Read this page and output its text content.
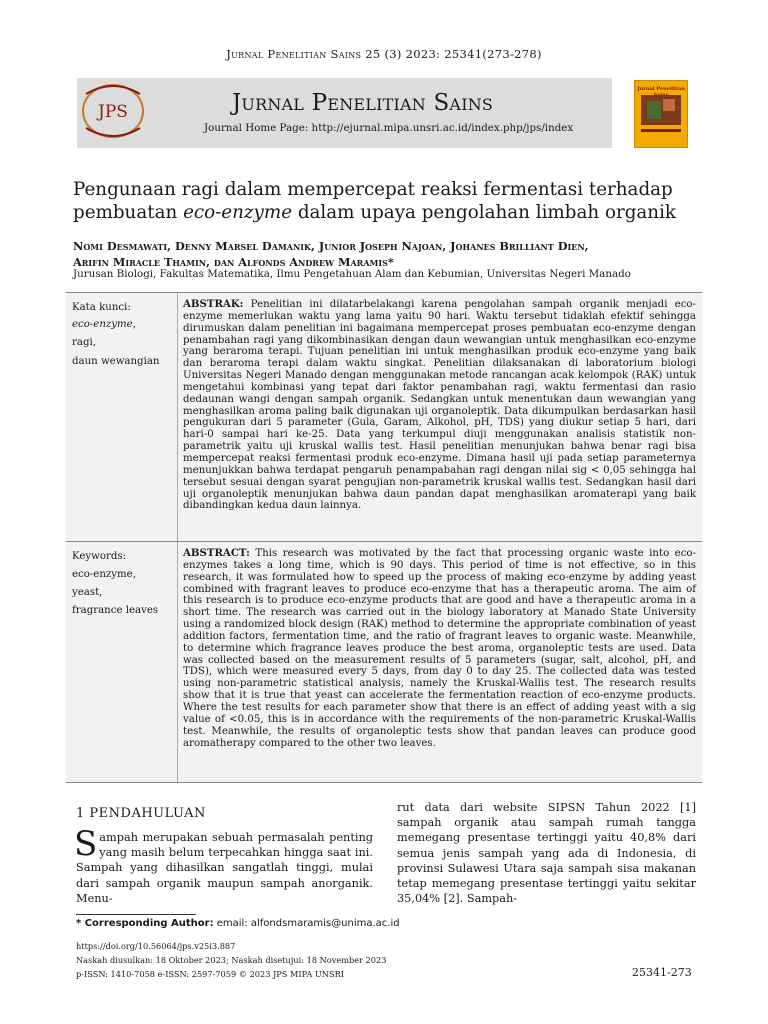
Jurnal Penelitian Sains 25 (3) 2023: 25341(273-278)
JPS	Jurnal Penelitian Sains
Journal Home Page: http://ejurnal.mipa.unsri.ac.id/index.php/jps/index
Jurnal Penelitian
Pengunaan ragi dalam mempercepat reaksi fermentasi terhadap
pembuatan eco-enzyme dalam upaya pengolahan limbah organik
Nomi Desmawati, Denny Marsel Damanik, Junior Joseph Najoan, Johanes Brilliant Dien,
Arifin Miracle Thamin, dan Alfonds Andrew Maramis*
Jurusan Biologi, Fakultas Matematika, Ilmu Pengetahuan Alam dan Kebumian, Universitas Negeri Manado
Kata kunci:
eco-enzyme,
ragi,
daun wewangian
ABSTRAK: Penelitian ini dilatarbelakangi karena pengolahan sampah organik menjadi eco-enzyme memerlukan waktu yang lama yaitu 90 hari. Waktu tersebut tidaklah efektif sehingga dirumuskan dalam penelitian ini bagaimana mempercepat proses pembuatan eco-enzyme dengan penambahan ragi yang dikombinasikan dengan daun wewangian untuk menghasilkan eco-enzyme yang beraroma terapi. Tujuan penelitian ini untuk menghasilkan produk eco-enzyme yang baik dan beraroma terapi dalam waktu singkat. Penelitian dilaksanakan di laboratorium biologi Universitas Negeri Manado dengan menggunakan metode rancangan acak kelompok (RAK) untuk mengetahui kombinasi yang tepat dari faktor penambahan ragi, waktu fermentasi dan rasio dedaunan wangi dengan sampah organik. Sedangkan untuk menentukan daun wewangian yang menghasilkan aroma paling baik digunakan uji organoleptik. Data dikumpulkan berdasarkan hasil pengukuran dari 5 parameter (Gula, Garam, Alkohol, pH, TDS) yang diukur setiap 5 hari, dari hari-0 sampai hari ke-25. Data yang terkumpul diuji menggunakan analisis statistik non-parametrik yaitu uji kruskal wallis test. Hasil penelitian menunjukan bahwa benar ragi bisa mempercepat reaksi fermentasi produk eco-enzyme. Dimana hasil uji pada setiap parameternya menunjukkan bahwa terdapat pengaruh penampabahan ragi dengan nilai sig < 0,05 sehingga hal tersebut sesuai dengan syarat pengujian non-parametrik kruskal wallis test. Sedangkan hasil dari uji organoleptik menunjukan bahwa daun pandan dapat menghasilkan aromaterapi yang baik dibandingkan kedua daun lainnya.
Keywords:
eco-enzyme,
yeast,
fragrance leaves
ABSTRACT: This research was motivated by the fact that processing organic waste into eco-enzymes takes a long time, which is 90 days. This period of time is not effective, so in this research, it was formulated how to speed up the process of making eco-enzyme by adding yeast combined with fragrant leaves to produce eco-enzyme that has a therapeutic aroma. The aim of this research is to produce eco-enzyme products that are good and have a therapeutic aroma in a short time. The research was carried out in the biology laboratory at Manado State University using a randomized block design (RAK) method to determine the appropriate combination of yeast addition factors, fermentation time, and the ratio of fragrant leaves to organic waste. Meanwhile, to determine which fragrance leaves produce the best aroma, organoleptic tests are used. Data was collected based on the measurement results of 5 parameters (sugar, salt, alcohol, pH, and TDS), which were measured every 5 days, from day 0 to day 25. The collected data was tested using non-parametric statistical analysis, namely the Kruskal-Wallis test. The research results show that it is true that yeast can accelerate the fermentation reaction of eco-enzyme products. Where the test results for each parameter show that there is an effect of adding yeast with a sig value of <0.05, this is in accordance with the requirements of the non-parametric Kruskal-Wallis test. Meanwhile, the results of organoleptic tests show that pandan leaves can produce good aromatherapy compared to the other two leaves.
1 PENDAHULUAN
Sampah merupakan sebuah permasalah penting yang masih belum terpecahkan hingga saat ini. Sampah yang dihasilkan sangatlah tinggi, mulai dari sampah organik maupun sampah anorganik. Menu-
rut data dari website SIPSN Tahun 2022 [1] sampah organik atau sampah rumah tangga memegang presentase tertinggi yaitu 40,8% dari semua jenis sampah yang ada di Indonesia, di provinsi Sulawesi Utara saja sampah sisa makanan tetap memegang presentase tertinggi yaitu sekitar 35,04% [2]. Sampah-
* Corresponding Author: email: alfondsmaramis@unima.ac.id
https://doi.org/10.56064/jps.v25i3.887
Naskah diusulkan: 18 Oktober 2023; Naskah disetujui: 18 November 2023
p-ISSN: 1410-7058 e-ISSN: 2597-7059 © 2023 JPS MIPA UNSRI	25341-273
